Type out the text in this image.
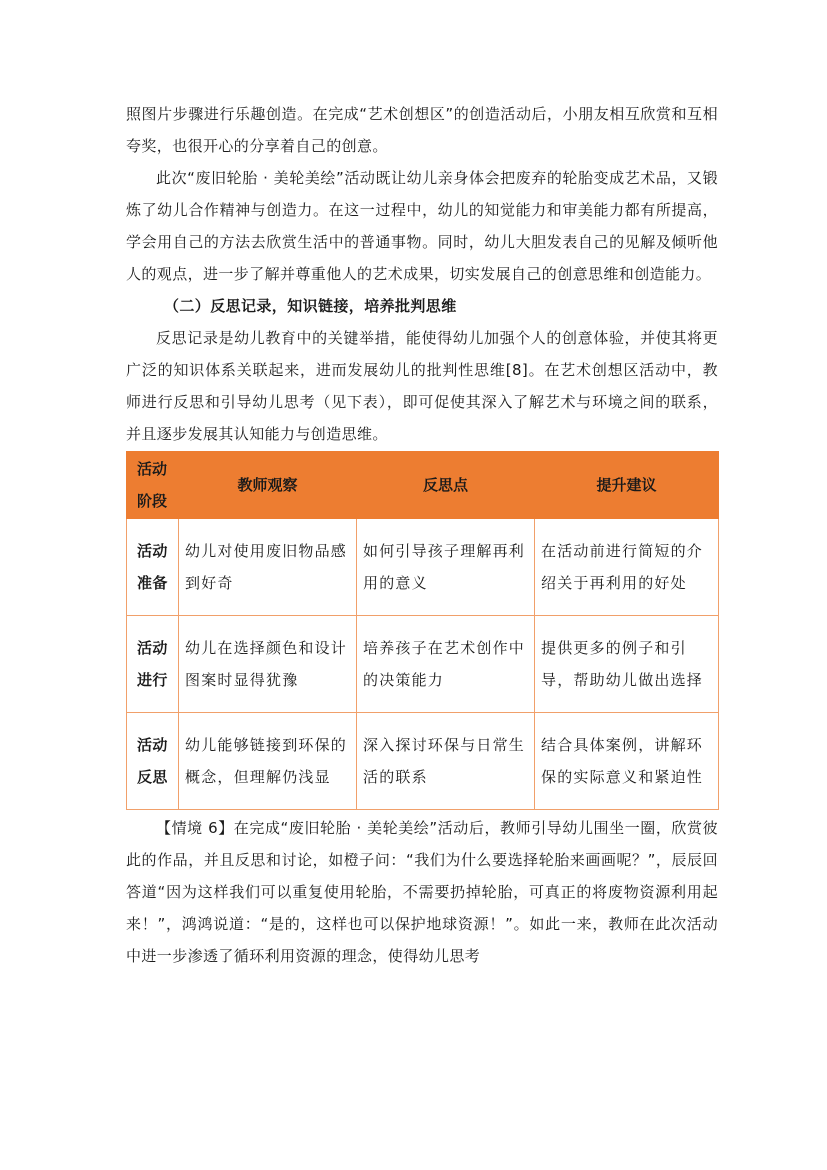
照图片步骤进行乐趣创造。在完成“艺术创想区”的创造活动后，小朋友相互欣赏和互相夸奖，也很开心的分享着自己的创意。

此次“废旧轮胎 · 美轮美绘”活动既让幼儿亲身体会把废弃的轮胎变成艺术品，又锻炼了幼儿合作精神与创造力。在这一过程中，幼儿的知觉能力和审美能力都有所提高，学会用自己的方法去欣赏生活中的普通事物。同时，幼儿大胆发表自己的见解及倾听他人的观点，进一步了解并尊重他人的艺术成果，切实发展自己的创意思维和创造能力。

（二）反思记录，知识链接，培养批判思维

反思记录是幼儿教育中的关键举措，能使得幼儿加强个人的创意体验，并使其将更广泛的知识体系关联起来，进而发展幼儿的批判性思维[8]。在艺术创想区活动中，教师进行反思和引导幼儿思考（见下表），即可促使其深入了解艺术与环境之间的联系，并且逐步发展其认知能力与创造思维。

活动阶段	教师观察	反思点	提升建议
活动准备	幼儿对使用废旧物品感到好奇	如何引导孩子理解再利用的意义	在活动前进行简短的介绍关于再利用的好处
活动进行	幼儿在选择颜色和设计图案时显得犹豫	培养孩子在艺术创作中的决策能力	提供更多的例子和引导，帮助幼儿做出选择
活动反思	幼儿能够链接到环保的概念，但理解仍浅显	深入探讨环保与日常生活的联系	结合具体案例，讲解环保的实际意义和紧迫性

【情境 6】在完成“废旧轮胎 · 美轮美绘”活动后，教师引导幼儿围坐一圈，欣赏彼此的作品，并且反思和讨论，如橙子问：“我们为什么要选择轮胎来画画呢？”，辰辰回答道“因为这样我们可以重复使用轮胎，不需要扔掉轮胎，可真正的将废物资源利用起来！”，鸿鸿说道：“是的，这样也可以保护地球资源！”。如此一来，教师在此次活动中进一步渗透了循环利用资源的理念，使得幼儿思考
